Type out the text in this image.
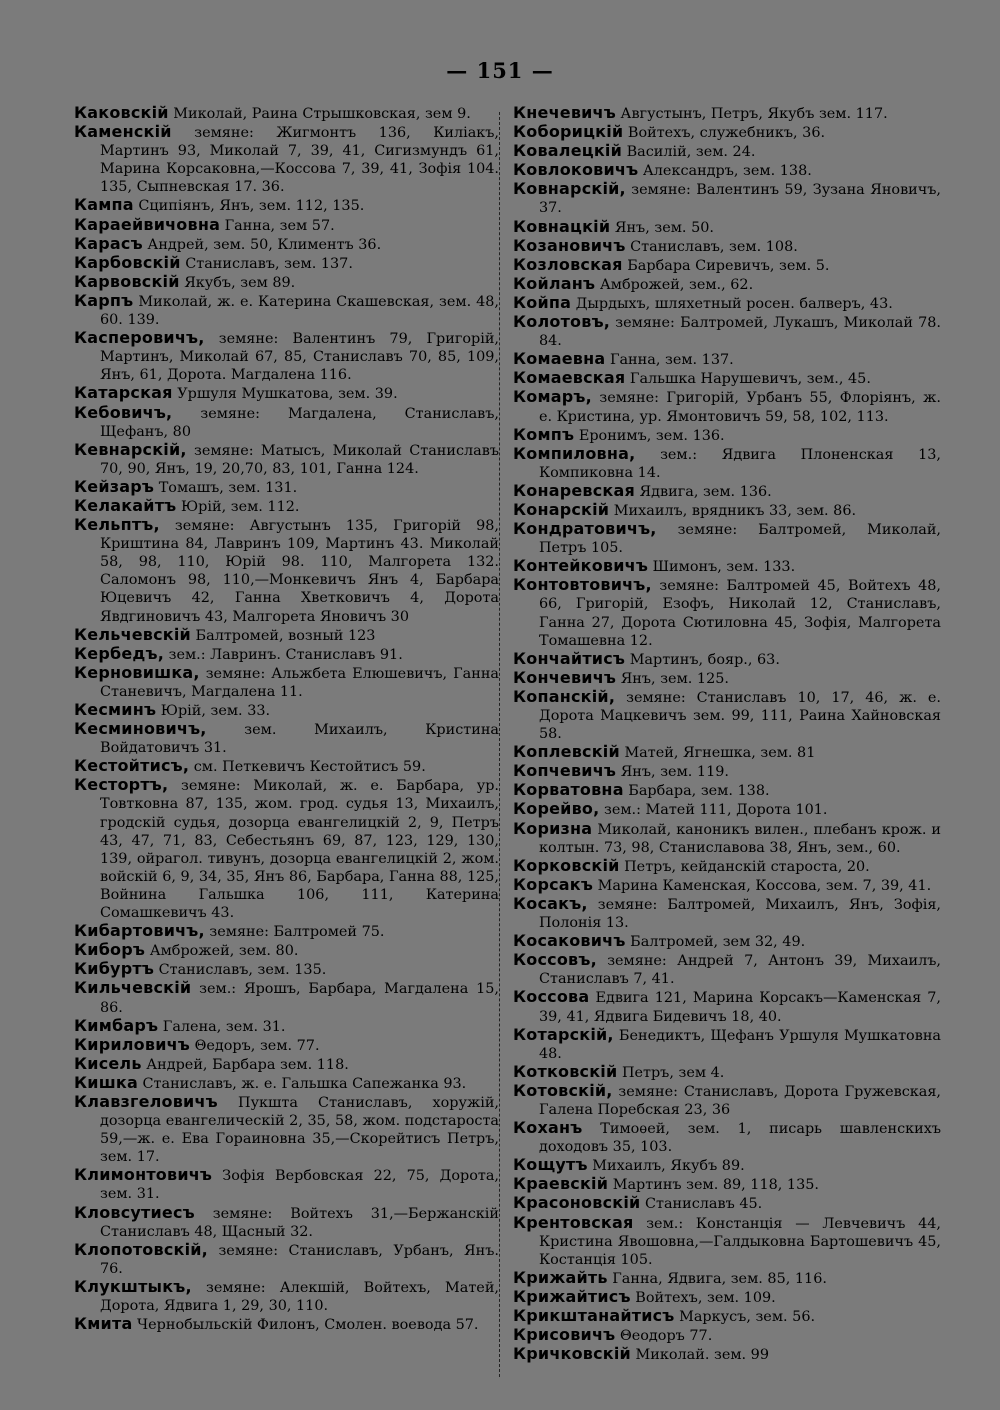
— 151 —

Каковскій Миколай, Раина Стрышковская, зем 9.

Каменскій земяне: Жигмонтъ 136, Киліакъ, Мартинъ 93, Миколай 7, 39, 41, Сигизмундъ 61, Марина Корсаковна,—Коссова 7, 39, 41, Зофія 104. 135, Сыпневская 17. 36.

Кампа Сципіянъ, Янъ, зем. 112, 135.

Караейвичовна Ганна, зем 57.

Карасъ Андрей, зем. 50, Климентъ 36.

Карбовскій Станиславъ, зем. 137.

Карвовскій Якубъ, зем 89.

Карпъ Миколай, ж. е. Катерина Скашевская, зем. 48, 60. 139.

Касперовичъ, земяне: Валентинъ 79, Григорій, Мартинъ, Миколай 67, 85, Станиславъ 70, 85, 109, Янъ, 61, Дорота. Магдалена 116.

Катарская Уршуля Мушкатова, зем. 39.

Кебовичъ, земяне: Магдалена, Станиславъ, Щефанъ, 80

Кевнарскій, земяне: Матысъ, Миколай Станиславъ 70, 90, Янъ, 19, 20,70, 83, 101, Ганна 124.

Кейзаръ Томашъ, зем. 131.

Келакайтъ Юрій, зем. 112.

Кельптъ, земяне: Августынъ 135, Григорій 98, Криштина 84, Лавринъ 109, Мартинъ 43. Миколай 58, 98, 110, Юрій 98. 110, Малгорета 132. Саломонъ 98, 110,—Монкевичъ Янъ 4, Барбара Юцевичъ 42, Ганна Хветковичъ 4, Дорота Явдгиновичъ 43, Малгорета Яновичъ 30

Кельчевскій Балтромей, возный 123

Кербедъ, зем.: Лавринъ. Станиславъ 91.

Керновишка, земяне: Альжбета Елюшевичъ, Ганна Станевичъ, Магдалена 11.

Кесминъ Юрій, зем. 33.

Кесминовичъ,	зем. Михаилъ, Кристина Войдатовичъ 31.

Кестойтисъ, см. Петкевичъ Кестойтисъ 59.

Кестортъ, земяне: Миколай, ж. е. Барбара, ур. Товтковна 87, 135, жом. грод. судья 13, Михаилъ, гродскій судья, дозорца евангелицкій 2, 9, Петръ 43, 47, 71, 83, Себестьянъ 69, 87, 123, 129, 130, 139, ойрагол. тивунъ, дозорца евангелицкій 2, жом. войскій 6, 9, 34, 35, Янъ 86, Барбара, Ганна 88, 125, Войнина Гальшка 106, 111, Катерина Сомашкевичъ 43.

Кибартовичъ, земяне: Балтромей 75.

Киборъ Амброжей, зем. 80.

Кибуртъ Станиславъ, зем. 135.

Кильчевскій зем.: Ярошъ, Барбара, Магдалена 15, 86.

Кимбаръ Галена, зем. 31.

Кириловичъ Θедоръ, зем. 77.

Кисель Андрей, Барбара зем. 118.

Кишка Станиславъ, ж. е. Гальшка Сапежанка 93.

Клавзгеловичъ Пукшта Станиславъ, хоружій, дозорца евангелическій 2, 35, 58, жом. подстароста 59,—ж. е. Ева Гораиновна 35,—Скорейтисъ Петръ, зем. 17.

Климонтовичъ Зофія Вербовская 22, 75, Дорота, зем. 31.

Кловсутиесъ земяне: Войтехъ 31,—Бержанскій Станиславъ 48, Щасный 32.

Клопотовскій, земяне: Станиславъ, Урбанъ, Янъ. 76.

Клукштыкъ, земяне: Алекшій, Войтехъ, Матей, Дорота, Ядвига 1, 29, 30, 110.

Кмита Чернобыльскій Филонъ, Смолен. воевода 57.

Кнечевичъ Августынъ, Петръ, Якубъ зем. 117.

Коборицкій Войтехъ, служебникъ, 36.

Ковалецкій Василій, зем. 24.

Ковлоковичъ Александръ, зем. 138.

Ковнарскій, земяне: Валентинъ 59, Зузана Яновичъ, 37.

Ковнацкій Янъ, зем. 50.

Козановичъ Станиславъ, зем. 108.

Козловская Барбара Сиревичъ, зем. 5.

Койланъ Амброжей, зем., 62.

Койпа Дырдыхъ, шляхетный росен. балверъ, 43.

Колотовъ, земяне: Балтромей, Лукашъ, Миколай 78. 84.

Комаевна Ганна, зем. 137.

Комаевская Гальшка Нарушевичъ, зем., 45.

Комаръ, земяне: Григорій, Урбанъ 55, Флоріянъ, ж. е. Кристина, ур. Ямонтовичъ 59, 58, 102, 113.

Компъ Еронимъ, зем. 136.

Компиловна, зем.: Ядвига Плоненская 13, Компиковна 14.

Конаревская Ядвига, зем. 136.

Конарскій Михаилъ, врядникъ 33, зем. 86.

Кондратовичъ, земяне: Балтромей, Миколай, Петръ 105.

Контейковичъ Шимонъ, зем. 133.

Контовтовичъ, земяне: Балтромей 45, Войтехъ 48, 66, Григорій, Езофъ, Николай 12, Станиславъ, Ганна 27, Дорота Сютиловна 45, Зофія, Малгорета Томашевна 12.

Кончайтисъ Мартинъ, бояр., 63.

Кончевичъ Янъ, зем. 125.

Копанскій, земяне: Станиславъ 10, 17, 46, ж. е. Дорота Мацкевичъ зем. 99, 111, Раина Хайновская 58.

Коплевскій Матей, Ягнешка, зем. 81

Копчевичъ Янъ, зем. 119.

Корватовна Барбара, зем. 138.

Корейво, зем.: Матей 111, Дорота 101.

Коризна Миколай, каноникъ вилен., плебанъ крож. и колтын. 73, 98, Станиславова 38, Янъ, зем., 60.

Корковскій Петръ, кейданскій староста, 20.

Корсакъ Марина Каменская, Коссова, зем. 7, 39, 41.

Косакъ, земяне: Балтромей, Михаилъ, Янъ, Зофія, Полонія 13.

Косаковичъ Балтромей, зем 32, 49.

Коссовъ, земяне: Андрей 7, Антонъ 39, Михаилъ, Станиславъ 7, 41.

Коссова Едвига 121, Марина Корсакъ—Каменская 7, 39, 41, Ядвига Бидевичъ 18, 40.

Котарскій, Бенедиктъ, Щефанъ Уршуля Мушкатовна 48.

Котковскій Петръ, зем 4.

Котовскій, земяне: Станиславъ, Дорота Гружевская, Галена Поребская 23, 36

Коханъ Тимоѳей, зем. 1, писарь шавленскихъ доходовъ 35, 103.

Кощутъ Михаилъ, Якубъ 89.

Краевскій Мартинъ зем. 89, 118, 135.

Красоновскій Станиславъ 45.

Крентовская зем.: Констанція — Левчевичъ 44, Кристина Явошовна,—Галдыковна Бартошевичъ 45, Костанція 105.

Крижайть Ганна, Ядвига, зем. 85, 116.

Крижайтисъ Войтехъ, зем. 109.

Крикштанайтисъ Маркусъ, зем. 56.

Крисовичъ Θеодоръ 77.

Кричковскій Миколай. зем. 99
